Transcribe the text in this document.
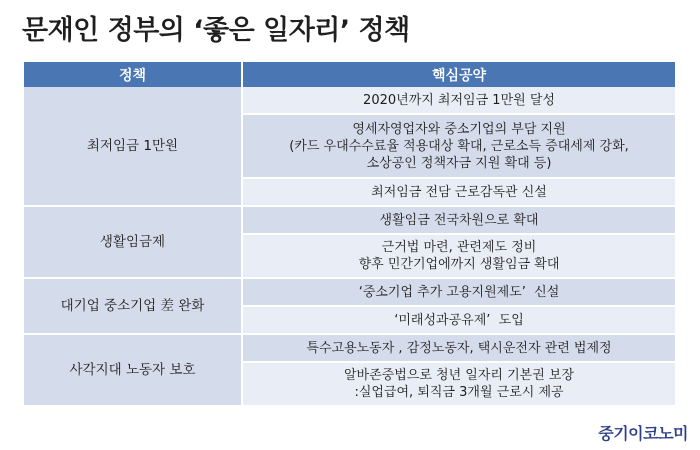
문재인 정부의 ‘좋은 일자리’ 정책
정책	핵심공약
최저임금 1만원	2020년까지 최저임금 1만원 달성
	영세자영업자와 중소기업의 부담 지원
(카드 우대수수료율 적용대상 확대, 근로소득 증대세제 강화,
소상공인 정책자금 지원 확대 등)
	최저임금 전담 근로감독관 신설
생활임금제	생활임금 전국차원으로 확대
	근거법 마련, 관련제도 정비
향후 민간기업에까지 생활임금 확대
대기업 중소기업 差 완화	‘중소기업 추가 고용지원제도’  신설
	‘미래성과공유제’  도입
사각지대 노동자 보호	특수고용노동자 , 감정노동자, 택시운전자 관련 법제정
	알바존중법으로 청년 일자리 기본권 보장
:실업급여, 퇴직금 3개월 근로시 제공
중기이코노미
